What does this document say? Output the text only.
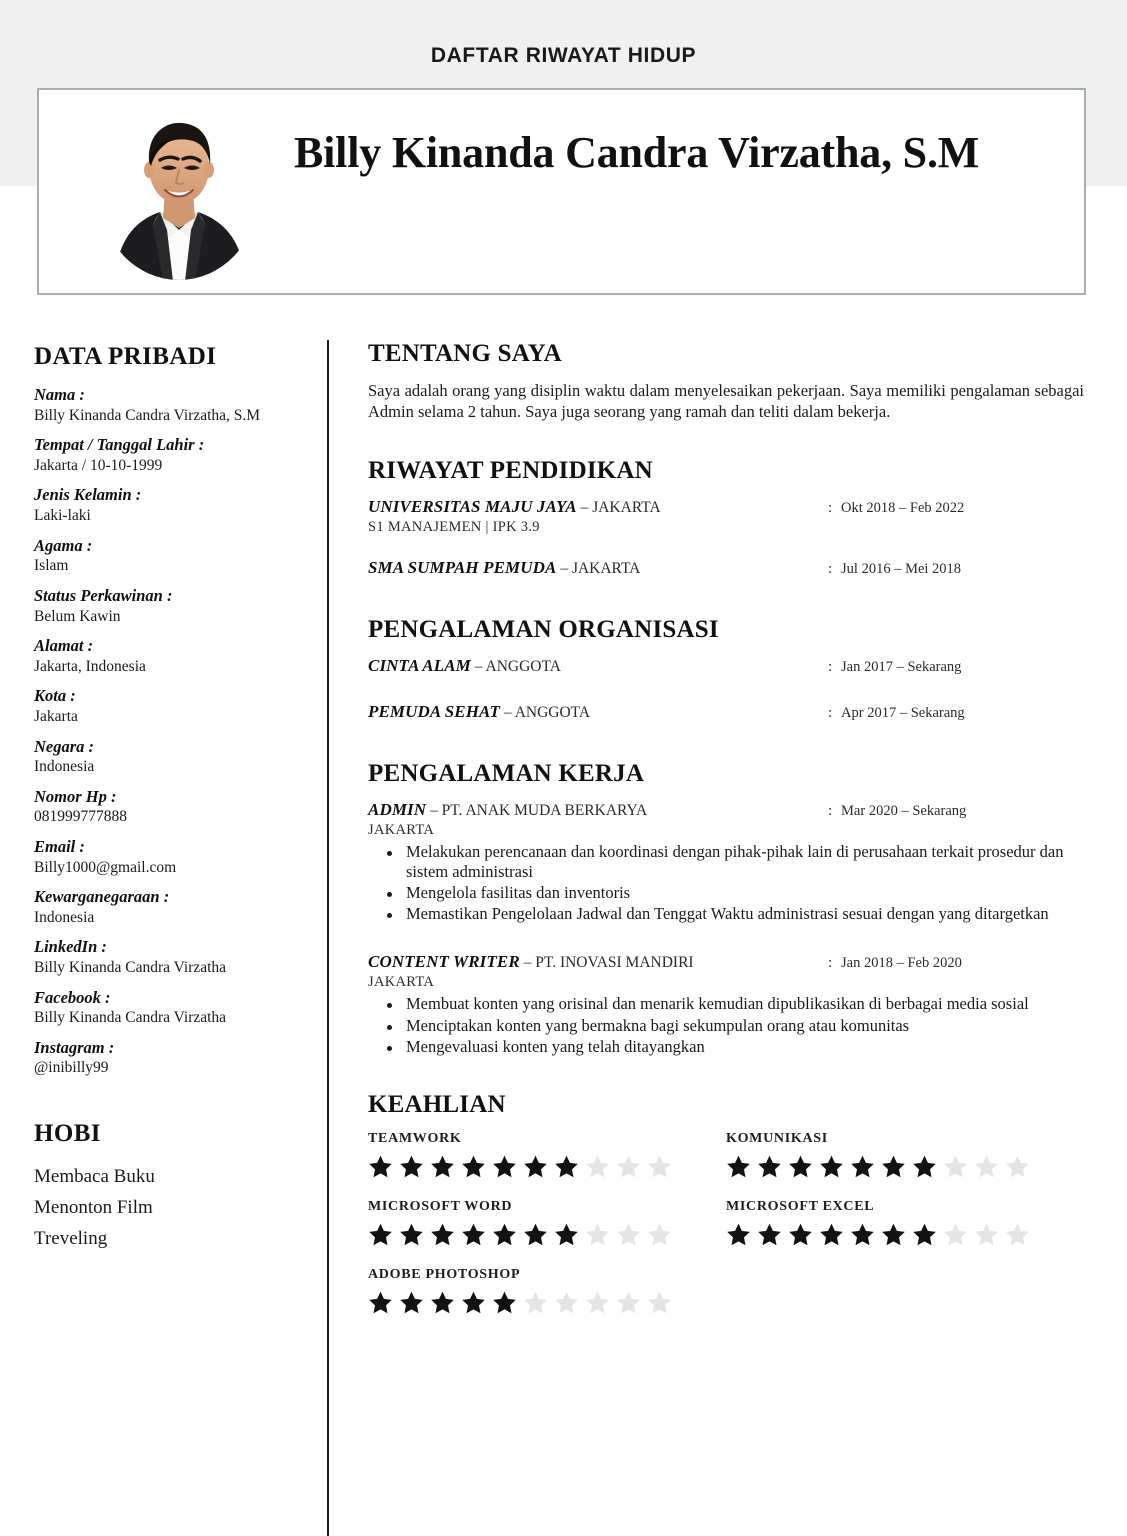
DAFTAR RIWAYAT HIDUP
Billy Kinanda Candra Virzatha, S.M
DATA PRIBADI
Nama :
Billy Kinanda Candra Virzatha, S.M
Tempat / Tanggal Lahir :
Jakarta / 10-10-1999
Jenis Kelamin :
Laki-laki
Agama :
Islam
Status Perkawinan :
Belum Kawin
Alamat :
Jakarta, Indonesia
Kota :
Jakarta
Negara :
Indonesia
Nomor Hp :
081999777888
Email :
Billy1000@gmail.com
Kewarganegaraan :
Indonesia
LinkedIn :
Billy Kinanda Candra Virzatha
Facebook :
Billy Kinanda Candra Virzatha
Instagram :
@inibilly99
HOBI
Membaca Buku
Menonton Film
Treveling
TENTANG SAYA

Saya adalah orang yang disiplin waktu dalam menyelesaikan pekerjaan. Saya memiliki pengalaman sebagai Admin selama 2 tahun. Saya juga seorang yang ramah dan teliti dalam bekerja.

RIWAYAT PENDIDIKAN
UNIVERSITAS MAJU JAYA – JAKARTA	: Okt 2018 – Feb 2022
S1 MANAJEMEN | IPK 3.9
SMA SUMPAH PEMUDA – JAKARTA	: Jul 2016 – Mei 2018
PENGALAMAN ORGANISASI
CINTA ALAM – ANGGOTA	: Jan 2017 – Sekarang
PEMUDA SEHAT – ANGGOTA	: Apr 2017 – Sekarang
PENGALAMAN KERJA
ADMIN – PT. ANAK MUDA BERKARYA	: Mar 2020 – Sekarang
JAKARTA
Melakukan perencanaan dan koordinasi dengan pihak-pihak lain di perusahaan terkait prosedur dan sistem administrasi
Mengelola fasilitas dan inventoris
Memastikan Pengelolaan Jadwal dan Tenggat Waktu administrasi sesuai dengan yang ditargetkan
CONTENT WRITER – PT. INOVASI MANDIRI	: Jan 2018 – Feb 2020
JAKARTA
Membuat konten yang orisinal dan menarik kemudian dipublikasikan di berbagai media sosial
Menciptakan konten yang bermakna bagi sekumpulan orang atau komunitas
Mengevaluasi konten yang telah ditayangkan
KEAHLIAN
TEAMWORK	KOMUNIKASI
MICROSOFT WORD	MICROSOFT EXCEL
ADOBE PHOTOSHOP
